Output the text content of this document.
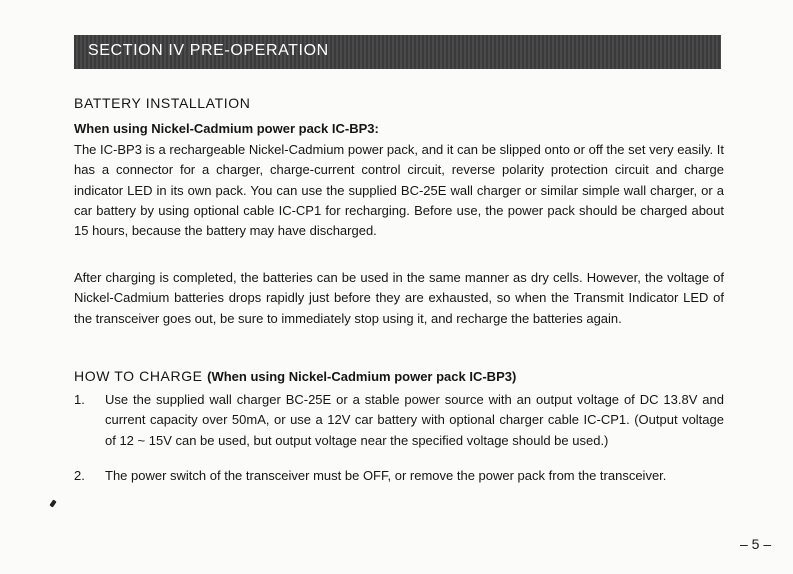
SECTION IV PRE-OPERATION
BATTERY INSTALLATION
When using Nickel-Cadmium power pack IC-BP3:

The IC-BP3 is a rechargeable Nickel-Cadmium power pack, and it can be slipped onto or off the set very easily. It has a connector for a charger, charge-current control circuit, reverse polarity protection circuit and charge indicator LED in its own pack. You can use the supplied BC-25E wall charger or similar simple wall charger, or a car battery by using optional cable IC-CP1 for recharging. Before use, the power pack should be charged about 15 hours, because the battery may have discharged.

After charging is completed, the batteries can be used in the same manner as dry cells. However, the voltage of Nickel-Cadmium batteries drops rapidly just before they are exhausted, so when the Transmit Indicator LED of the transceiver goes out, be sure to immediately stop using it, and recharge the batteries again.

HOW TO CHARGE (When using Nickel-Cadmium power pack IC-BP3)
1.	Use the supplied wall charger BC-25E or a stable power source with an output voltage of DC 13.8V and current capacity over 50mA, or use a 12V car battery with optional charger cable IC-CP1. (Output voltage of 12 ~ 15V can be used, but output voltage near the specified voltage should be used.)
2.	The power switch of the transceiver must be OFF, or remove the power pack from the transceiver.
– 5 –
